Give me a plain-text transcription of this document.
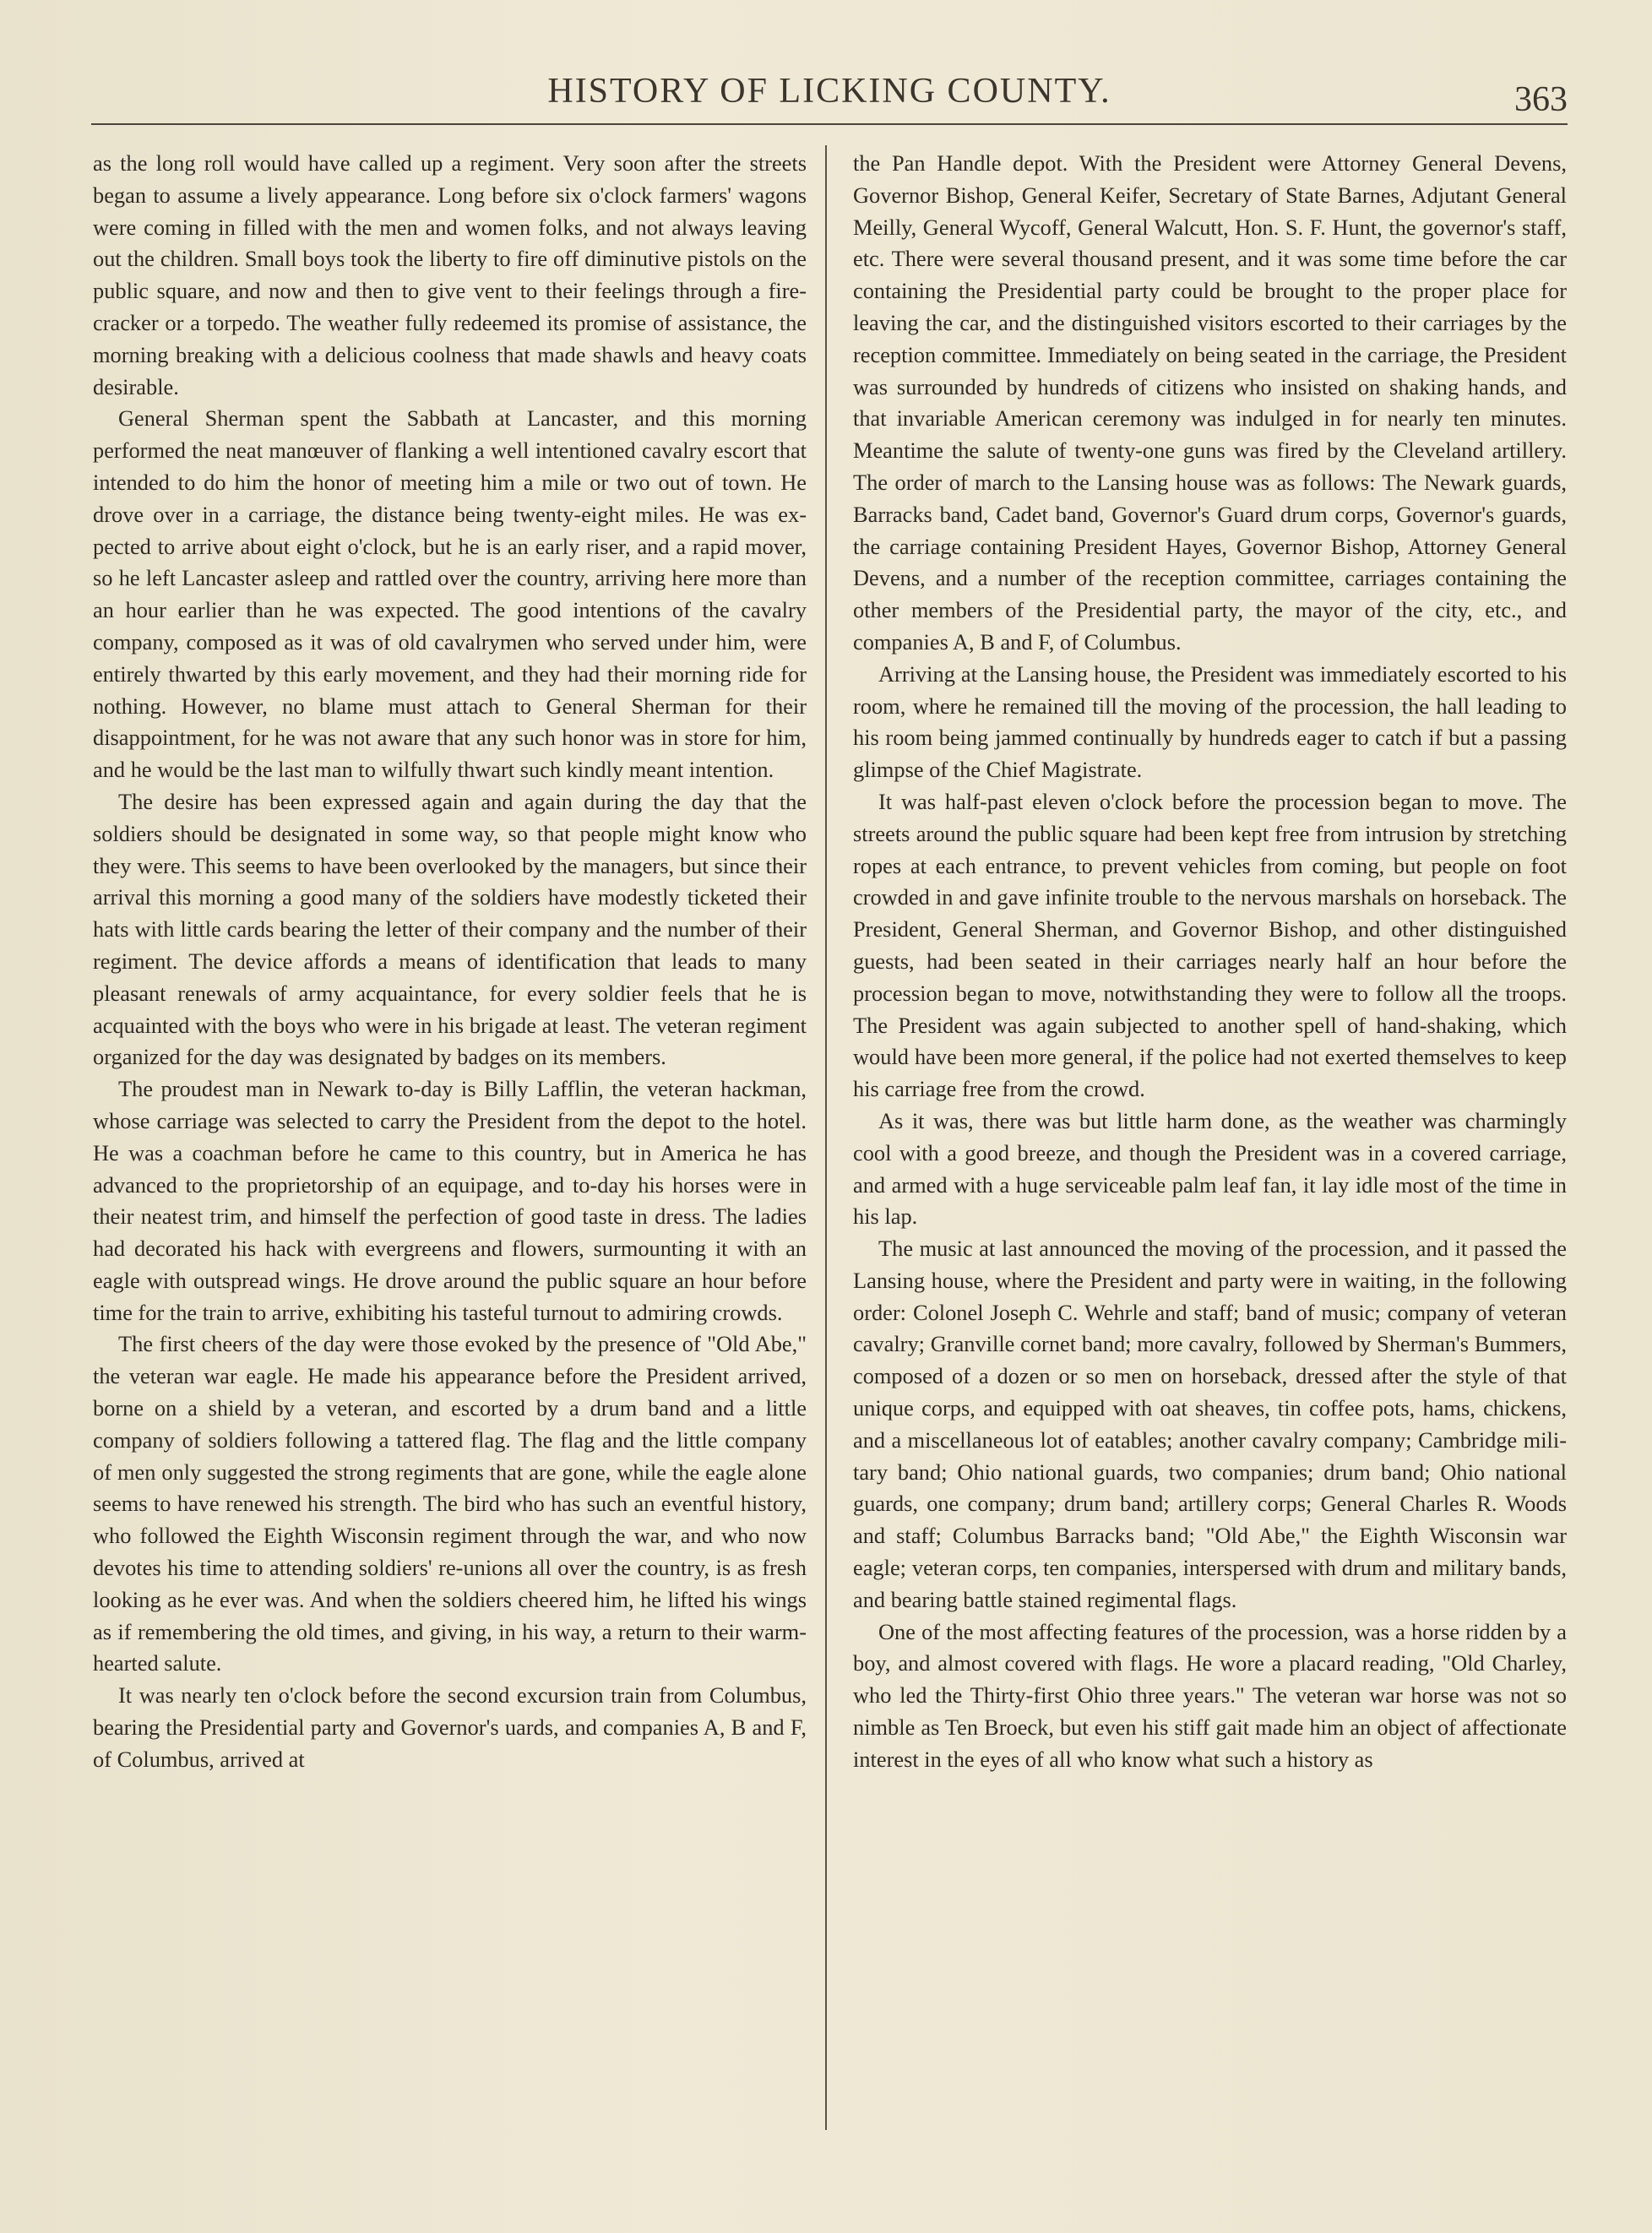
HISTORY OF LICKING COUNTY.	363

as the long roll would have called up a regiment. Very soon after the streets began to assume a lively appearance. Long before six o'clock farmers' wagons were coming in filled with the men and women folks, and not always leaving out the children. Small boys took the liberty to fire off diminutive pistols on the public square, and now and then to give vent to their feelings through a fire-cracker or a torpedo. The weather fully redeemed its promise of assistance, the morning breaking with a delicious coolness that made shawls and heavy coats desirable.

General Sherman spent the Sabbath at Lancaster, and this morning performed the neat manœuver of flanking a well intentioned cavalry escort that intended to do him the honor of meeting him a mile or two out of town. He drove over in a carriage, the distance being twenty-eight miles. He was expected to arrive about eight o'clock, but he is an early riser, and a rapid mover, so he left Lancaster asleep and rattled over the country, arriving here more than an hour earlier than he was expected. The good intentions of the cavalry company, composed as it was of old cavalrymen who served under him, were entirely thwarted by this early movement, and they had their morning ride for nothing. However, no blame must attach to General Sherman for their disappointment, for he was not aware that any such honor was in store for him, and he would be the last man to wilfully thwart such kindly meant intention.

The desire has been expressed again and again during the day that the soldiers should be designated in some way, so that people might know who they were. This seems to have been overlooked by the managers, but since their arrival this morning a good many of the soldiers have modestly ticketed their hats with little cards bearing the letter of their company and the number of their regiment. The device affords a means of identification that leads to many pleasant renewals of army acquaintance, for every soldier feels that he is acquainted with the boys who were in his brigade at least. The veteran regiment organized for the day was designated by badges on its members.

The proudest man in Newark to-day is Billy Lafflin, the veteran hackman, whose carriage was selected to carry the President from the depot to the hotel. He was a coachman before he came to this country, but in America he has advanced to the proprietorship of an equipage, and to-day his horses were in their neatest trim, and himself the perfection of good taste in dress. The ladies had decorated his hack with evergreens and flowers, surmounting it with an eagle with outspread wings. He drove around the public square an hour before time for the train to arrive, exhibiting his tasteful turnout to admiring crowds.

The first cheers of the day were those evoked by the presence of "Old Abe," the veteran war eagle. He made his appearance before the President arrived, borne on a shield by a veteran, and escorted by a drum band and a little company of soldiers following a tattered flag. The flag and the little company of men only suggested the strong regiments that are gone, while the eagle alone seems to have renewed his strength. The bird who has such an eventful history, who followed the Eighth Wisconsin regiment through the war, and who now devotes his time to attending soldiers' re-unions all over the country, is as fresh looking as he ever was. And when the soldiers cheered him, he lifted his wings as if remembering the old times, and giving, in his way, a return to their warm-hearted salute.

It was nearly ten o'clock before the second excursion train from Columbus, bearing the Presidential party and Governor's uards, and companies A, B and F, of Columbus, arrived at

the Pan Handle depot. With the President were Attorney General Devens, Governor Bishop, General Keifer, Secretary of State Barnes, Adjutant General Meilly, General Wycoff, General Walcutt, Hon. S. F. Hunt, the governor's staff, etc. There were several thousand present, and it was some time before the car containing the Presidential party could be brought to the proper place for leaving the car, and the distinguished visitors escorted to their carriages by the reception committee. Immediately on being seated in the carriage, the President was surrounded by hundreds of citizens who insisted on shaking hands, and that invariable American ceremony was indulged in for nearly ten minutes. Meantime the salute of twenty-one guns was fired by the Cleveland artillery. The order of march to the Lansing house was as follows: The Newark guards, Barracks band, Cadet band, Governor's Guard drum corps, Governor's guards, the carriage containing President Hayes, Governor Bishop, Attorney General Devens, and a number of the reception committee, carriages containing the other members of the Presidential party, the mayor of the city, etc., and companies A, B and F, of Columbus.

Arriving at the Lansing house, the President was immediately escorted to his room, where he remained till the moving of the procession, the hall leading to his room being jammed continually by hundreds eager to catch if but a passing glimpse of the Chief Magistrate.

It was half-past eleven o'clock before the procession began to move. The streets around the public square had been kept free from intrusion by stretching ropes at each entrance, to prevent vehicles from coming, but people on foot crowded in and gave infinite trouble to the nervous marshals on horseback. The President, General Sherman, and Governor Bishop, and other distinguished guests, had been seated in their carriages nearly half an hour before the procession began to move, notwithstanding they were to follow all the troops. The President was again subjected to another spell of hand-shaking, which would have been more general, if the police had not exerted themselves to keep his carriage free from the crowd.

As it was, there was but little harm done, as the weather was charmingly cool with a good breeze, and though the President was in a covered carriage, and armed with a huge serviceable palm leaf fan, it lay idle most of the time in his lap.

The music at last announced the moving of the procession, and it passed the Lansing house, where the President and party were in waiting, in the following order: Colonel Joseph C. Wehrle and staff; band of music; company of veteran cavalry; Granville cornet band; more cavalry, followed by Sherman's Bummers, composed of a dozen or so men on horseback, dressed after the style of that unique corps, and equipped with oat sheaves, tin coffee pots, hams, chickens, and a miscellaneous lot of eatables; another cavalry company; Cambridge military band; Ohio national guards, two companies; drum band; Ohio national guards, one company; drum band; artillery corps; General Charles R. Woods and staff; Columbus Barracks band; "Old Abe," the Eighth Wisconsin war eagle; veteran corps, ten companies, interspersed with drum and military bands, and bearing battle stained regimental flags.

One of the most affecting features of the procession, was a horse ridden by a boy, and almost covered with flags. He wore a placard reading, "Old Charley, who led the Thirty-first Ohio three years." The veteran war horse was not so nimble as Ten Broeck, but even his stiff gait made him an object of affectionate interest in the eyes of all who know what such a history as
